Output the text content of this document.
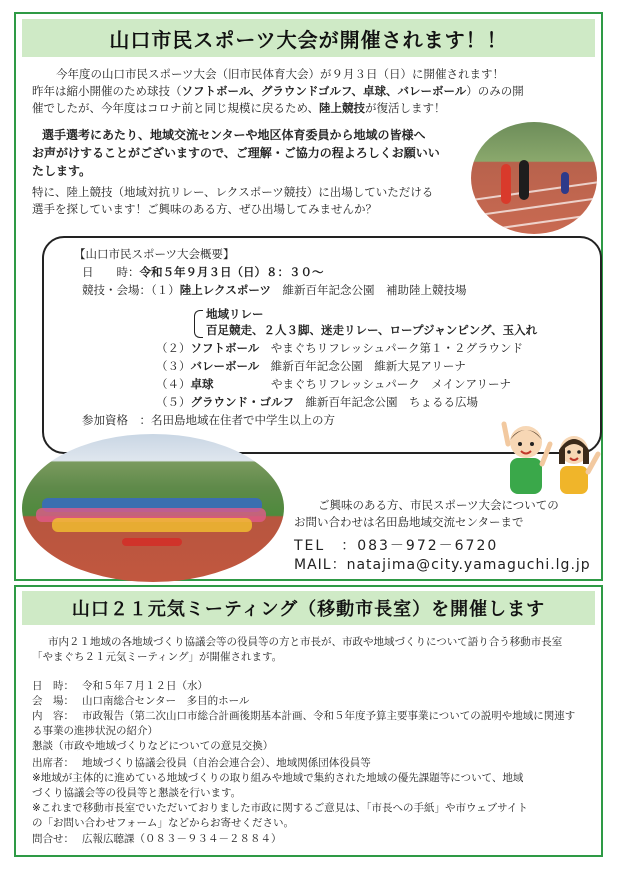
山口市民スポーツ大会が開催されます！！
今年度の山口市民スポーツ大会（旧市民体育大会）が９月３日（日）に開催されます！
昨年は縮小開催のため球技（ソフトボール、グラウンドゴルフ、卓球、バレーボール）のみの開
催でしたが、今年度はコロナ前と同じ規模に戻るため、陸上競技が復活します！
選手選考にあたり、地域交流センターや地区体育委員から地域の皆様へ
お声がけすることがございますので、ご理解・ご協力の程よろしくお願いい
たします。
特に、陸上競技（地域対抗リレー、レクスポーツ競技）に出場していただける
選手を探しています！ご興味のある方、ぜひ出場してみませんか？
【山口市民スポーツ大会概要】
日　　時：令和５年９月３日（日）８：３０～
競技・会場：（１）陸上レクスポーツ　 維新百年記念公園　補助陸上競技場
地域リレー
百足競走、２人３脚、迷走リレー、ロープジャンピング、玉入れ
（２）ソフトボール　 やまぐちリフレッシュパーク第１・２グラウンド
（３）バレーボール　 維新百年記念公園　維新大晃アリーナ
（４）卓球　　　　　	やまぐちリフレッシュパーク　メインアリーナ
（５）グラウンド・ゴルフ　 維新百年記念公園　ちょるる広場
参加資格　：名田島地域在住者で中学生以上の方
ご興味のある方、市民スポーツ大会についての
お問い合わせは名田島地域交流センターまで
TEL　：083－972－6720
MAIL：natajima@city.yamaguchi.lg.jp
山口２１元気ミーティング（移動市長室）を開催します
市内２１地域の各地域づくり協議会等の役員等の方と市長が、市政や地域づくりについて語り合う移動市長室
「やまぐち２１元気ミーティング」が開催されます。
日　時： 令和５年７月１２日（水）
会　場： 山口南総合センター　多目的ホール
内　容： 市政報告（第二次山口市総合計画後期基本計画、令和５年度予算主要事業についての説明や地域に関連す
る事業の進捗状況の紹介）
懇談（市政や地域づくりなどについての意見交換）
出席者： 地域づくり協議会役員（自治会連合会）、地域関係団体役員等
※地域が主体的に進めている地域づくりの取り組みや地域で集約された地域の優先課題等について、地域
づくり協議会等の役員等と懇談を行います。
※これまで移動市長室でいただいておりました市政に関するご意見は、「市長への手紙」や市ウェブサイト
の「お問い合わせフォーム」などからお寄せください。
問合せ： 広報広聴課（０８３－９３４－２８８４）
